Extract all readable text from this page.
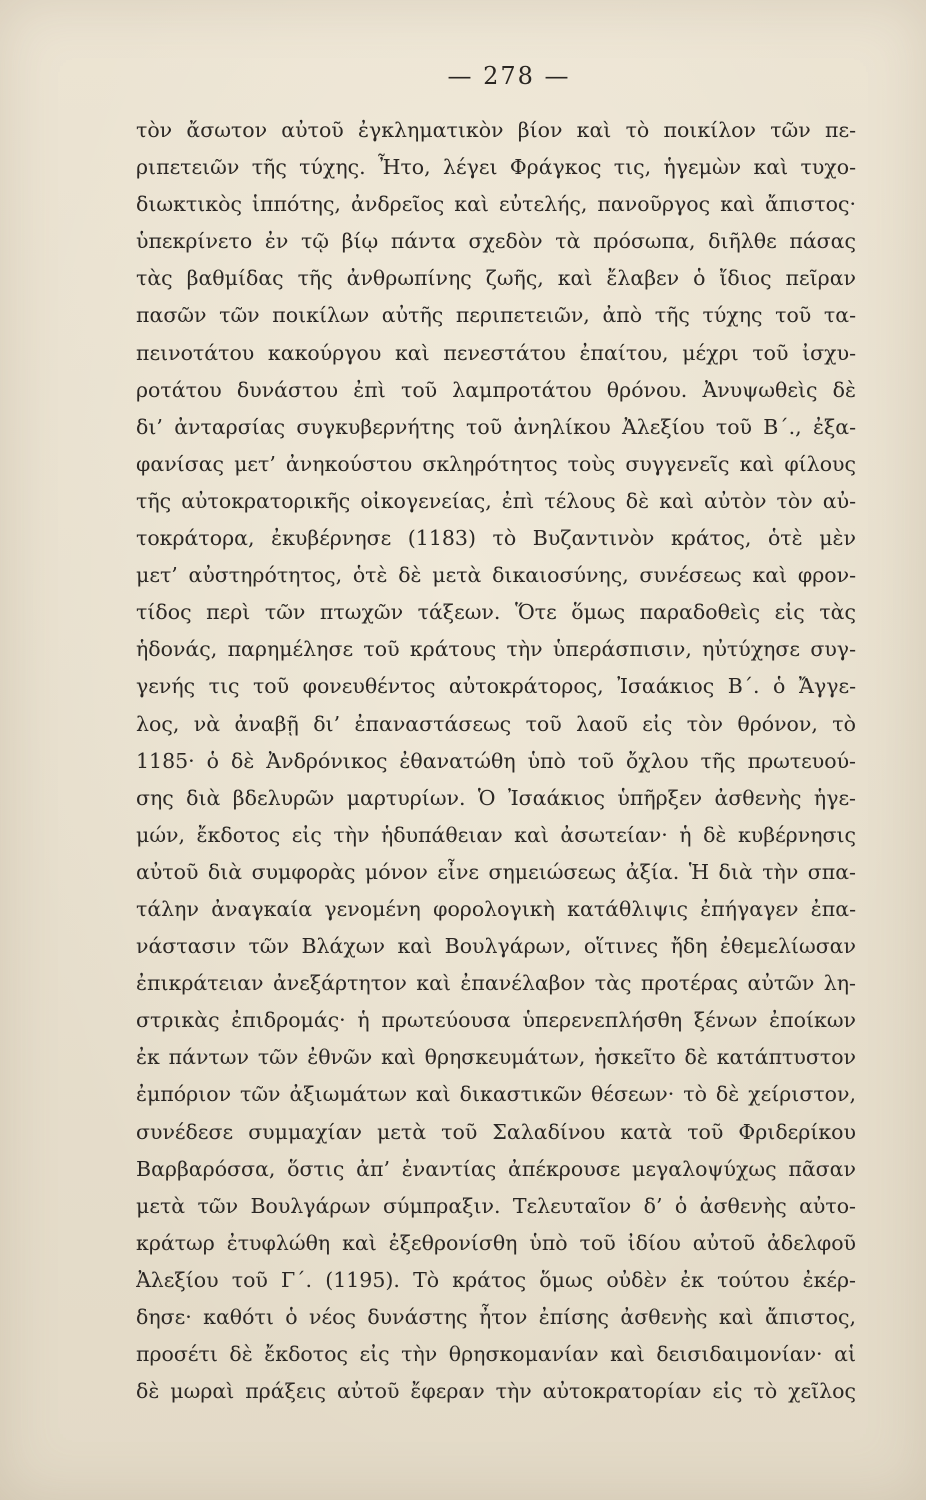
— 278 —
τὸν ἄσωτον αὐτοῦ ἐγκληματικὸν βίον καὶ τὸ ποικίλον τῶν πε-
ριπετειῶν τῆς τύχης. Ἦτο, λέγει Φράγκος τις, ἡγεμὼν καὶ τυχο-
διωκτικὸς ἱππότης, ἀνδρεῖος καὶ εὐτελής, πανοῦργος καὶ ἄπιστος·
ὑπεκρίνετο ἐν τῷ βίῳ πάντα σχεδὸν τὰ πρόσωπα, διῆλθε πάσας
τὰς βαθμίδας τῆς ἀνθρωπίνης ζωῆς, καὶ ἔλαβεν ὁ ἴδιος πεῖραν
πασῶν τῶν ποικίλων αὐτῆς περιπετειῶν, ἀπὸ τῆς τύχης τοῦ τα-
πεινοτάτου κακούργου καὶ πενεστάτου ἐπαίτου, μέχρι τοῦ ἰσχυ-
ροτάτου δυνάστου ἐπὶ τοῦ λαμπροτάτου θρόνου. Ἀνυψωθεὶς δὲ
δι’ ἀνταρσίας συγκυβερνήτης τοῦ ἀνηλίκου Ἀλεξίου τοῦ Β΄., ἐξα-
φανίσας μετ’ ἀνηκούστου σκληρότητος τοὺς συγγενεῖς καὶ φίλους
τῆς αὐτοκρατορικῆς οἰκογενείας, ἐπὶ τέλους δὲ καὶ αὐτὸν τὸν αὐ-
τοκράτορα, ἐκυβέρνησε (1183) τὸ Βυζαντινὸν κράτος, ὁτὲ μὲν
μετ’ αὐστηρότητος, ὁτὲ δὲ μετὰ δικαιοσύνης, συνέσεως καὶ φρον-
τίδος περὶ τῶν πτωχῶν τάξεων. Ὅτε ὅμως παραδοθεὶς εἰς τὰς
ἡδονάς, παρημέλησε τοῦ κράτους τὴν ὑπεράσπισιν, ηὐτύχησε συγ-
γενής τις τοῦ φονευθέντος αὐτοκράτορος, Ἰσαάκιος Β΄. ὁ Ἄγγε-
λος, νὰ ἀναβῇ δι’ ἐπαναστάσεως τοῦ λαοῦ εἰς τὸν θρόνον, τὸ
1185· ὁ δὲ Ἀνδρόνικος ἐθανατώθη ὑπὸ τοῦ ὄχλου τῆς πρωτευού-
σης διὰ βδελυρῶν μαρτυρίων. Ὁ Ἰσαάκιος ὑπῆρξεν ἀσθενὴς ἡγε-
μών, ἔκδοτος εἰς τὴν ἡδυπάθειαν καὶ ἀσωτείαν· ἡ δὲ κυβέρνησις
αὐτοῦ διὰ συμφορὰς μόνον εἶνε σημειώσεως ἀξία. Ἡ διὰ τὴν σπα-
τάλην ἀναγκαία γενομένη φορολογικὴ κατάθλιψις ἐπήγαγεν ἐπα-
νάστασιν τῶν Βλάχων καὶ Βουλγάρων, οἵτινες ἤδη ἐθεμελίωσαν
ἐπικράτειαν ἀνεξάρτητον καὶ ἐπανέλαβον τὰς προτέρας αὐτῶν λη-
στρικὰς ἐπιδρομάς· ἡ πρωτεύουσα ὑπερενεπλήσθη ξένων ἐποίκων
ἐκ πάντων τῶν ἐθνῶν καὶ θρησκευμάτων, ἠσκεῖτο δὲ κατάπτυστον
ἐμπόριον τῶν ἀξιωμάτων καὶ δικαστικῶν θέσεων· τὸ δὲ χείριστον,
συνέδεσε συμμαχίαν μετὰ τοῦ Σαλαδίνου κατὰ τοῦ Φριδερίκου
Βαρβαρόσσα, ὅστις ἀπ’ ἐναντίας ἀπέκρουσε μεγαλοψύχως πᾶσαν
μετὰ τῶν Βουλγάρων σύμπραξιν. Τελευταῖον δ’ ὁ ἀσθενὴς αὐτο-
κράτωρ ἐτυφλώθη καὶ ἐξεθρονίσθη ὑπὸ τοῦ ἰδίου αὐτοῦ ἀδελφοῦ
Ἀλεξίου τοῦ Γ΄. (1195). Τὸ κράτος ὅμως οὐδὲν ἐκ τούτου ἐκέρ-
δησε· καθότι ὁ νέος δυνάστης ἦτον ἐπίσης ἀσθενὴς καὶ ἄπιστος,
προσέτι δὲ ἔκδοτος εἰς τὴν θρησκομανίαν καὶ δεισιδαιμονίαν· αἱ
δὲ μωραὶ πράξεις αὐτοῦ ἔφεραν τὴν αὐτοκρατορίαν εἰς τὸ χεῖλος
